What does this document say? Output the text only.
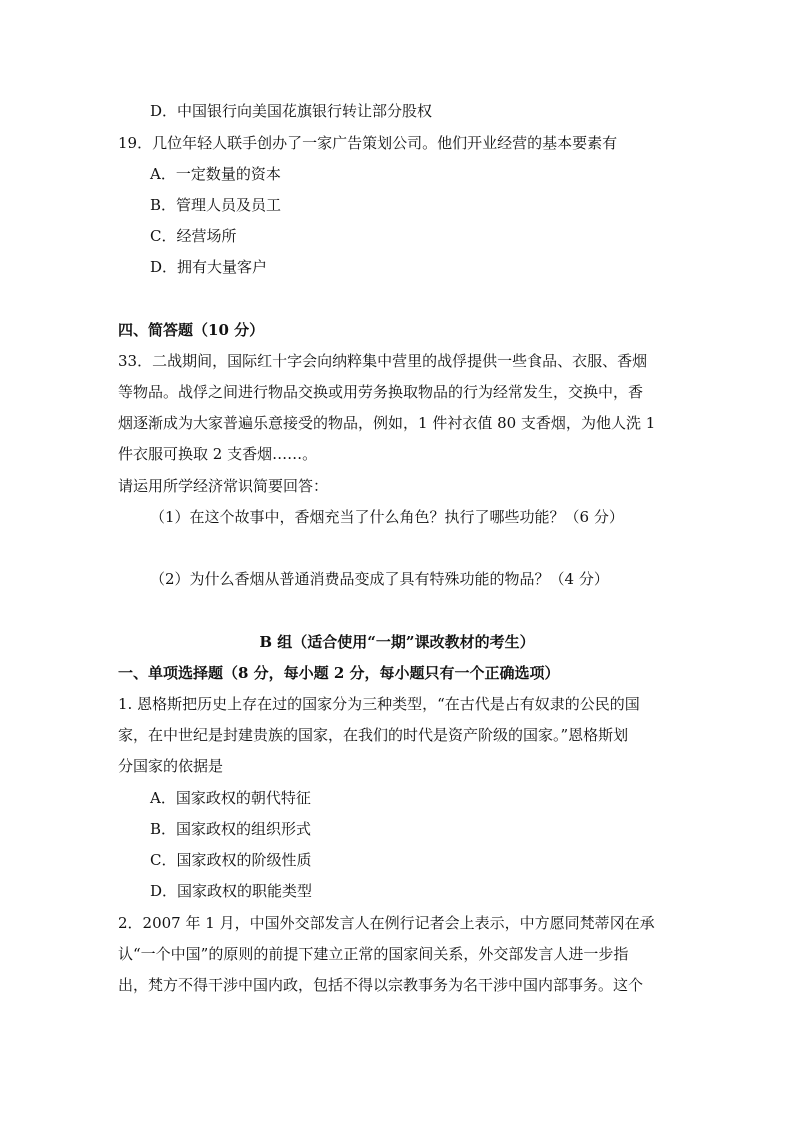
D．中国银行向美国花旗银行转让部分股权
19．几位年轻人联手创办了一家广告策划公司。他们开业经营的基本要素有
A．一定数量的资本
B．管理人员及员工
C．经营场所
D．拥有大量客户
四、简答题（10 分）
33．二战期间，国际红十字会向纳粹集中营里的战俘提供一些食品、衣服、香烟
等物品。战俘之间进行物品交换或用劳务换取物品的行为经常发生，交换中，香
烟逐渐成为大家普遍乐意接受的物品，例如，1 件衬衣值 80 支香烟，为他人洗 1
件衣服可换取 2 支香烟……。
请运用所学经济常识简要回答：
（1）在这个故事中，香烟充当了什么角色？执行了哪些功能？（6 分）
（2）为什么香烟从普通消费品变成了具有特殊功能的物品？（4 分）
B 组（适合使用“一期”课改教材的考生）
一、单项选择题（8 分，每小题 2 分，每小题只有一个正确选项）
1. 恩格斯把历史上存在过的国家分为三种类型，“在古代是占有奴隶的公民的国
家，在中世纪是封建贵族的国家，在我们的时代是资产阶级的国家。”恩格斯划
分国家的依据是
A．国家政权的朝代特征
B．国家政权的组织形式
C．国家政权的阶级性质
D．国家政权的职能类型
2．2007 年 1 月，中国外交部发言人在例行记者会上表示，中方愿同梵蒂冈在承
认“一个中国”的原则的前提下建立正常的国家间关系，外交部发言人进一步指
出，梵方不得干涉中国内政，包括不得以宗教事务为名干涉中国内部事务。这个
